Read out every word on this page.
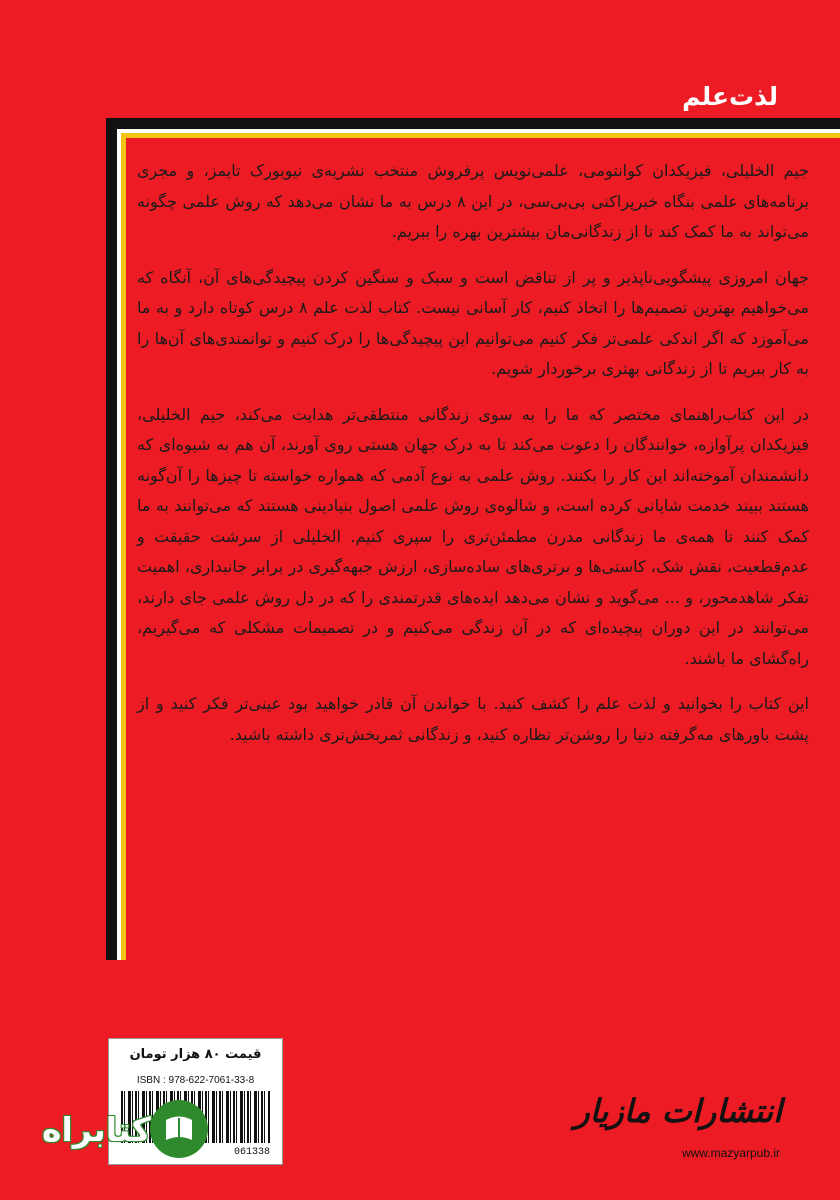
لذت‌علم

جیم الخلیلی، فیزیکدان کوانتومی، علمی‌نویس پرفروش منتخب نشریه‌ی نیویورک تایمز، و مجری برنامه‌های علمی بنگاه خبرپراکنی بی‌بی‌سی، در این ۸ درس به ما نشان می‌دهد که روش علمی چگونه می‌تواند به ما کمک کند تا از زندگانی‌مان بیشترین بهره را ببریم.

جهان امروزی پیشگویی‌ناپذیر و پر از تناقض است و سبک و سنگین کردن پیچیدگی‌های آن، آنگاه که می‌خواهیم بهترین تصمیم‌ها را اتخاذ کنیم، کار آسانی نیست. کتاب لذت علم ۸ درس کوتاه دارد و به ما می‌آموزد که اگر اندکی علمی‌تر فکر کنیم می‌توانیم این پیچیدگی‌ها را درک کنیم و توانمندی‌های آن‌ها را به کار ببریم تا از زندگانی بهتری برخوردار شویم.

در این کتاب‌راهنمای مختصر که ما را به سوی زندگانی منتطقی‌تر هدایت می‌کند، جیم الخلیلی، فیزیکدان پرآوازه، خوانندگان را دعوت می‌کند تا به درک جهان هستی روی آورند، آن هم به شیوه‌ای که دانشمندان آموخته‌اند این کار را بکنند. روش علمی به نوع آدمی که همواره خواسته تا چیزها را آن‌گونه هستند ببیند خدمت شایانی کرده است، و شالوه‌ی روش علمی اصول بنیادینی هستند که می‌توانند به ما کمک کنند تا همه‌ی ما زندگانی مدرن مطمئن‌تری را سپری کنیم. الخلیلی از سرشت حقیقت و عدم‌قطعیت، نقش شک، کاستی‌ها و برتری‌های ساده‌سازی، ارزش جبهه‌گیری در برابر جانبداری، اهمیت تفکر شاهدمحور، و ... می‌گوید و نشان می‌دهد ایده‌های قدرتمندی را که در دل روش علمی جای دارند، می‌توانند در این دوران پیچیده‌ای که در آن زندگی می‌کنیم و در تصمیمات مشکلی که می‌گیریم، راه‌گشای ما باشند.

این کتاب را بخوانید و لذت علم را کشف کنید. با خواندن آن قادر خواهید بود عینی‌تر فکر کنید و از پشت باورهای مه‌گرفته دنیا را روشن‌تر نظاره کنید، و زندگانی ثمربخش‌تری داشته باشید.

قیمت ۸۰ هزار تومان
ISBN : 978-622-7061-33-8
061338
کتابراه	انتشارات مازیار
www.mazyarpub.ir
